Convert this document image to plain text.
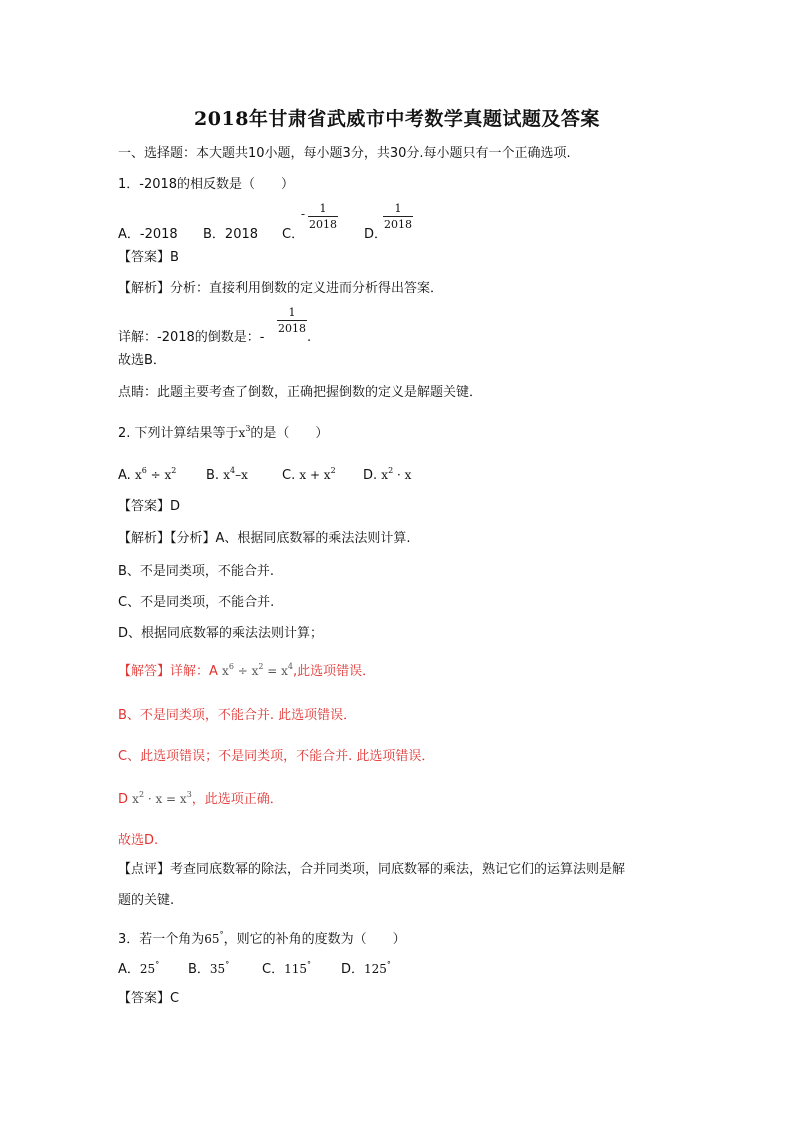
2018年甘肃省武威市中考数学真题试题及答案
一、选择题：本大题共10小题，每小题3分，共30分.每小题只有一个正确选项.
1．-2018的相反数是（　　）
A．-2018 B．2018 C．
- $\frac{1}{2018}$
D．
$\frac{1}{2018}$
【答案】B
【解析】分析：直接利用倒数的定义进而分析得出答案．
详解：-2018的倒数是：-
$\frac{1}{2018}$
.
故选B．
点睛：此题主要考查了倒数，正确把握倒数的定义是解题关键．
2. 下列计算结果等于$x^3$的是（　　）
A. $x^6 \div x^2$ B. $x^4-x$	C. $x + x^2$ D. $x^2 \cdot x$
【答案】D
【解析】【分析】A、根据同底数幂的乘法法则计算.
B、不是同类项，不能合并.
C、不是同类项，不能合并.
D、根据同底数幂的乘法法则计算；
【解答】详解：A $x^6 \div x^2 = x^4$,此选项错误．
B、不是同类项，不能合并. 此选项错误．
C、此选项错误；不是同类项，不能合并. 此选项错误．
D $x^2 \cdot x = x^3$，此选项正确．
故选D.
【点评】考查同底数幂的除法，合并同类项，同底数幂的乘法，熟记它们的运算法则是解
题的关键.
3．若一个角为65°，则它的补角的度数为（　　）
A．25° B．35°	C．115° D．125°
【答案】C
